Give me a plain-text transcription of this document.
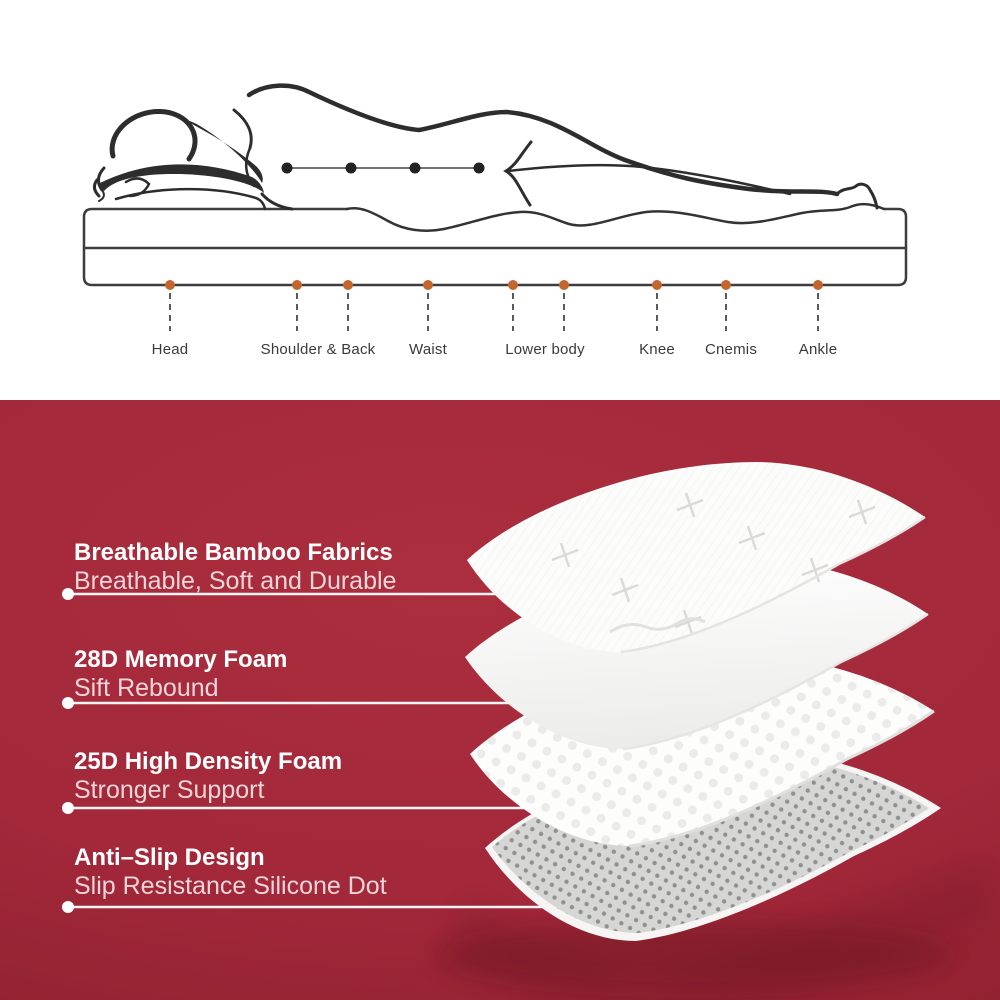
Head	Shoulder & Back Waist	Lower body	Knee Cnemis	Ankle
Breathable Bamboo Fabrics
Breathable, Soft and Durable
28D Memory Foam
Sift Rebound
25D High Density Foam
Stronger Support
Anti–Slip Design
Slip Resistance Silicone Dot
